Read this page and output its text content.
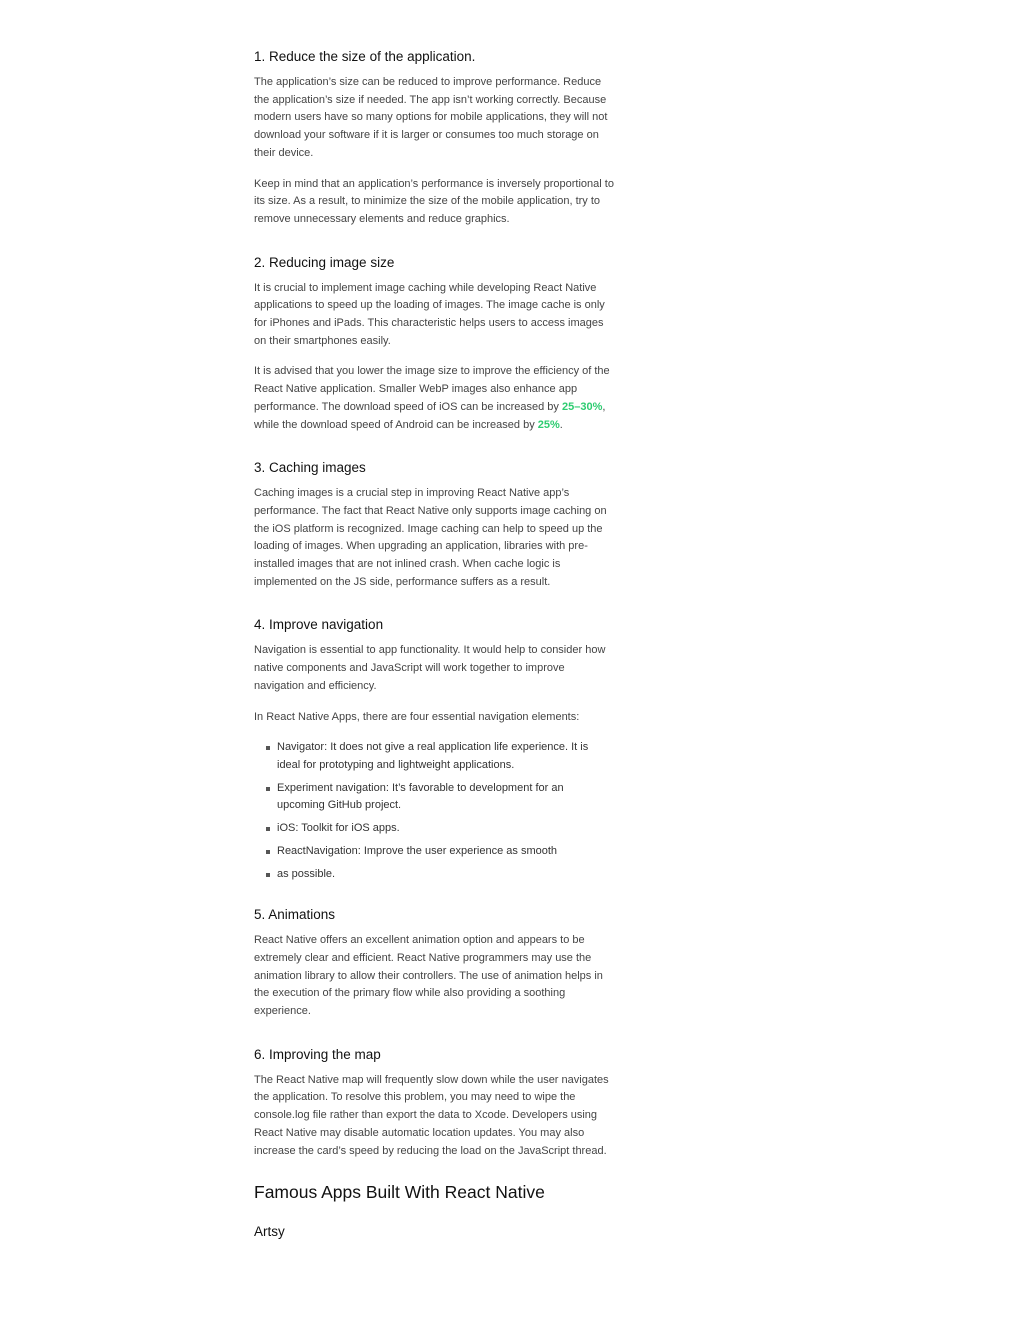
1. Reduce the size of the application.

The application’s size can be reduced to improve performance. Reduce the application’s size if needed. The app isn’t working correctly. Because modern users have so many options for mobile applications, they will not download your software if it is larger or consumes too much storage on their device.

Keep in mind that an application’s performance is inversely proportional to its size. As a result, to minimize the size of the mobile application, try to remove unnecessary elements and reduce graphics.

2. Reducing image size

It is crucial to implement image caching while developing React Native applications to speed up the loading of images. The image cache is only for iPhones and iPads. This characteristic helps users to access images on their smartphones easily.

It is advised that you lower the image size to improve the efficiency of the React Native application. Smaller WebP images also enhance app performance. The download speed of iOS can be increased by 25–30%, while the download speed of Android can be increased by 25%.

3. Caching images

Caching images is a crucial step in improving React Native app’s performance. The fact that React Native only supports image caching on the iOS platform is recognized. Image caching can help to speed up the loading of images. When upgrading an application, libraries with pre-installed images that are not inlined crash. When cache logic is implemented on the JS side, performance suffers as a result.

4. Improve navigation

Navigation is essential to app functionality. It would help to consider how native components and JavaScript will work together to improve navigation and efficiency.

In React Native Apps, there are four essential navigation elements:

Navigator: It does not give a real application life experience. It is ideal for prototyping and lightweight applications.
Experiment navigation: It’s favorable to development for an upcoming GitHub project.
iOS: Toolkit for iOS apps.
ReactNavigation: Improve the user experience as smooth
as possible.
5. Animations

React Native offers an excellent animation option and appears to be extremely clear and efficient. React Native programmers may use the animation library to allow their controllers. The use of animation helps in the execution of the primary flow while also providing a soothing experience.

6. Improving the map

The React Native map will frequently slow down while the user navigates the application. To resolve this problem, you may need to wipe the console.log file rather than export the data to Xcode. Developers using React Native may disable automatic location updates. You may also increase the card’s speed by reducing the load on the JavaScript thread.

Famous Apps Built With React Native
Artsy
